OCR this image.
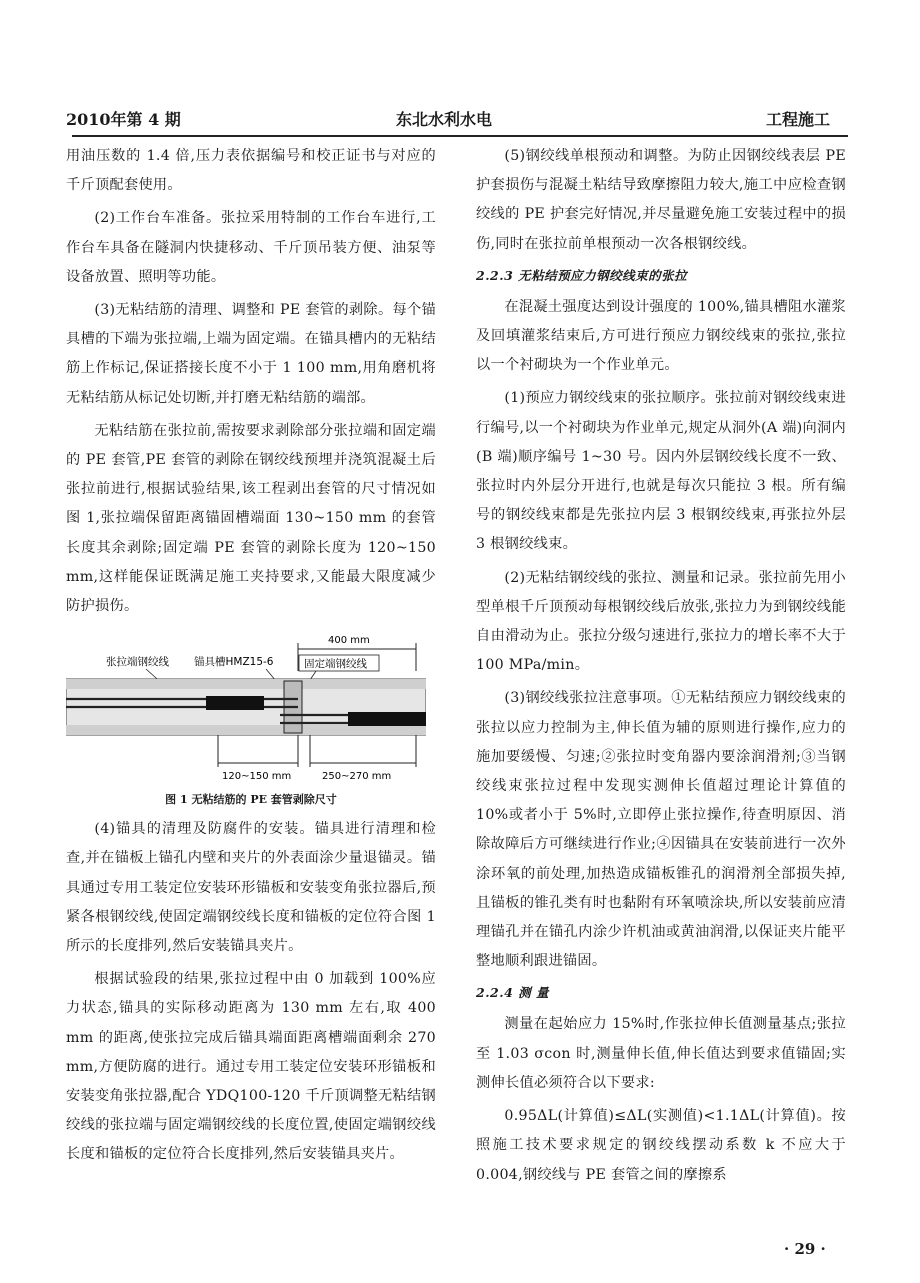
2010年第 4 期	东北水利水电	工程施工

用油压数的 1.4 倍,压力表依据编号和校正证书与对应的千斤顶配套使用。

(2)工作台车准备。张拉采用特制的工作台车进行,工作台车具备在隧洞内快捷移动、千斤顶吊装方便、油泵等设备放置、照明等功能。

(3)无粘结筋的清理、调整和 PE 套管的剥除。每个锚具槽的下端为张拉端,上端为固定端。在锚具槽内的无粘结筋上作标记,保证搭接长度不小于 1 100 mm,用角磨机将无粘结筋从标记处切断,并打磨无粘结筋的端部。

无粘结筋在张拉前,需按要求剥除部分张拉端和固定端的 PE 套管,PE 套管的剥除在钢绞线预埋并浇筑混凝土后张拉前进行,根据试验结果,该工程剥出套管的尺寸情况如图 1,张拉端保留距离锚固槽端面 130~150 mm 的套管长度其余剥除;固定端 PE 套管的剥除长度为 120~150 mm,这样能保证既满足施工夹持要求,又能最大限度减少防护损伤。

400 mm
张拉端钢绞线 锚具槽HMZ15-6	固定端钢绞线
120~150 mm	250~270 mm
图 1 无粘结筋的 PE 套管剥除尺寸

(4)锚具的清理及防腐件的安装。锚具进行清理和检查,并在锚板上锚孔内壁和夹片的外表面涂少量退锚灵。锚具通过专用工装定位安装环形锚板和安装变角张拉器后,预紧各根钢绞线,使固定端钢绞线长度和锚板的定位符合图 1 所示的长度排列,然后安装锚具夹片。

根据试验段的结果,张拉过程中由 0 加载到 100%应力状态,锚具的实际移动距离为 130 mm 左右,取 400 mm 的距离,使张拉完成后锚具端面距离槽端面剩余 270 mm,方便防腐的进行。通过专用工装定位安装环形锚板和安装变角张拉器,配合 YDQ100-120 千斤顶调整无粘结钢绞线的张拉端与固定端钢绞线的长度位置,使固定端钢绞线长度和锚板的定位符合长度排列,然后安装锚具夹片。

(5)钢绞线单根预动和调整。为防止因钢绞线表层 PE 护套损伤与混凝土粘结导致摩擦阻力较大,施工中应检查钢绞线的 PE 护套完好情况,并尽量避免施工安装过程中的损伤,同时在张拉前单根预动一次各根钢绞线。

2.2.3 无粘结预应力钢绞线束的张拉

在混凝土强度达到设计强度的 100%,锚具槽阻水灌浆及回填灌浆结束后,方可进行预应力钢绞线束的张拉,张拉以一个衬砌块为一个作业单元。

(1)预应力钢绞线束的张拉顺序。张拉前对钢绞线束进行编号,以一个衬砌块为作业单元,规定从洞外(A 端)向洞内(B 端)顺序编号 1~30 号。因内外层钢绞线长度不一致、张拉时内外层分开进行,也就是每次只能拉 3 根。所有编号的钢绞线束都是先张拉内层 3 根钢绞线束,再张拉外层 3 根钢绞线束。

(2)无粘结钢绞线的张拉、测量和记录。张拉前先用小型单根千斤顶预动每根钢绞线后放张,张拉力为到钢绞线能自由滑动为止。张拉分级匀速进行,张拉力的增长率不大于 100 MPa/min。

(3)钢绞线张拉注意事项。①无粘结预应力钢绞线束的张拉以应力控制为主,伸长值为辅的原则进行操作,应力的施加要缓慢、匀速;②张拉时变角器内要涂润滑剂;③当钢绞线束张拉过程中发现实测伸长值超过理论计算值的 10%或者小于 5%时,立即停止张拉操作,待查明原因、消除故障后方可继续进行作业;④因锚具在安装前进行一次外涂环氧的前处理,加热造成锚板锥孔的润滑剂全部损失掉,且锚板的锥孔类有时也黏附有环氧喷涂块,所以安装前应清理锚孔并在锚孔内涂少许机油或黄油润滑,以保证夹片能平整地顺利跟进锚固。

2.2.4 测 量

测量在起始应力 15%时,作张拉伸长值测量基点;张拉至 1.03 σcon 时,测量伸长值,伸长值达到要求值锚固;实测伸长值必须符合以下要求:

0.95ΔL(计算值)≤ΔL(实测值)<1.1ΔL(计算值)。按照施工技术要求规定的钢绞线摆动系数 k 不应大于 0.004,钢绞线与 PE 套管之间的摩擦系

· 29 ·
